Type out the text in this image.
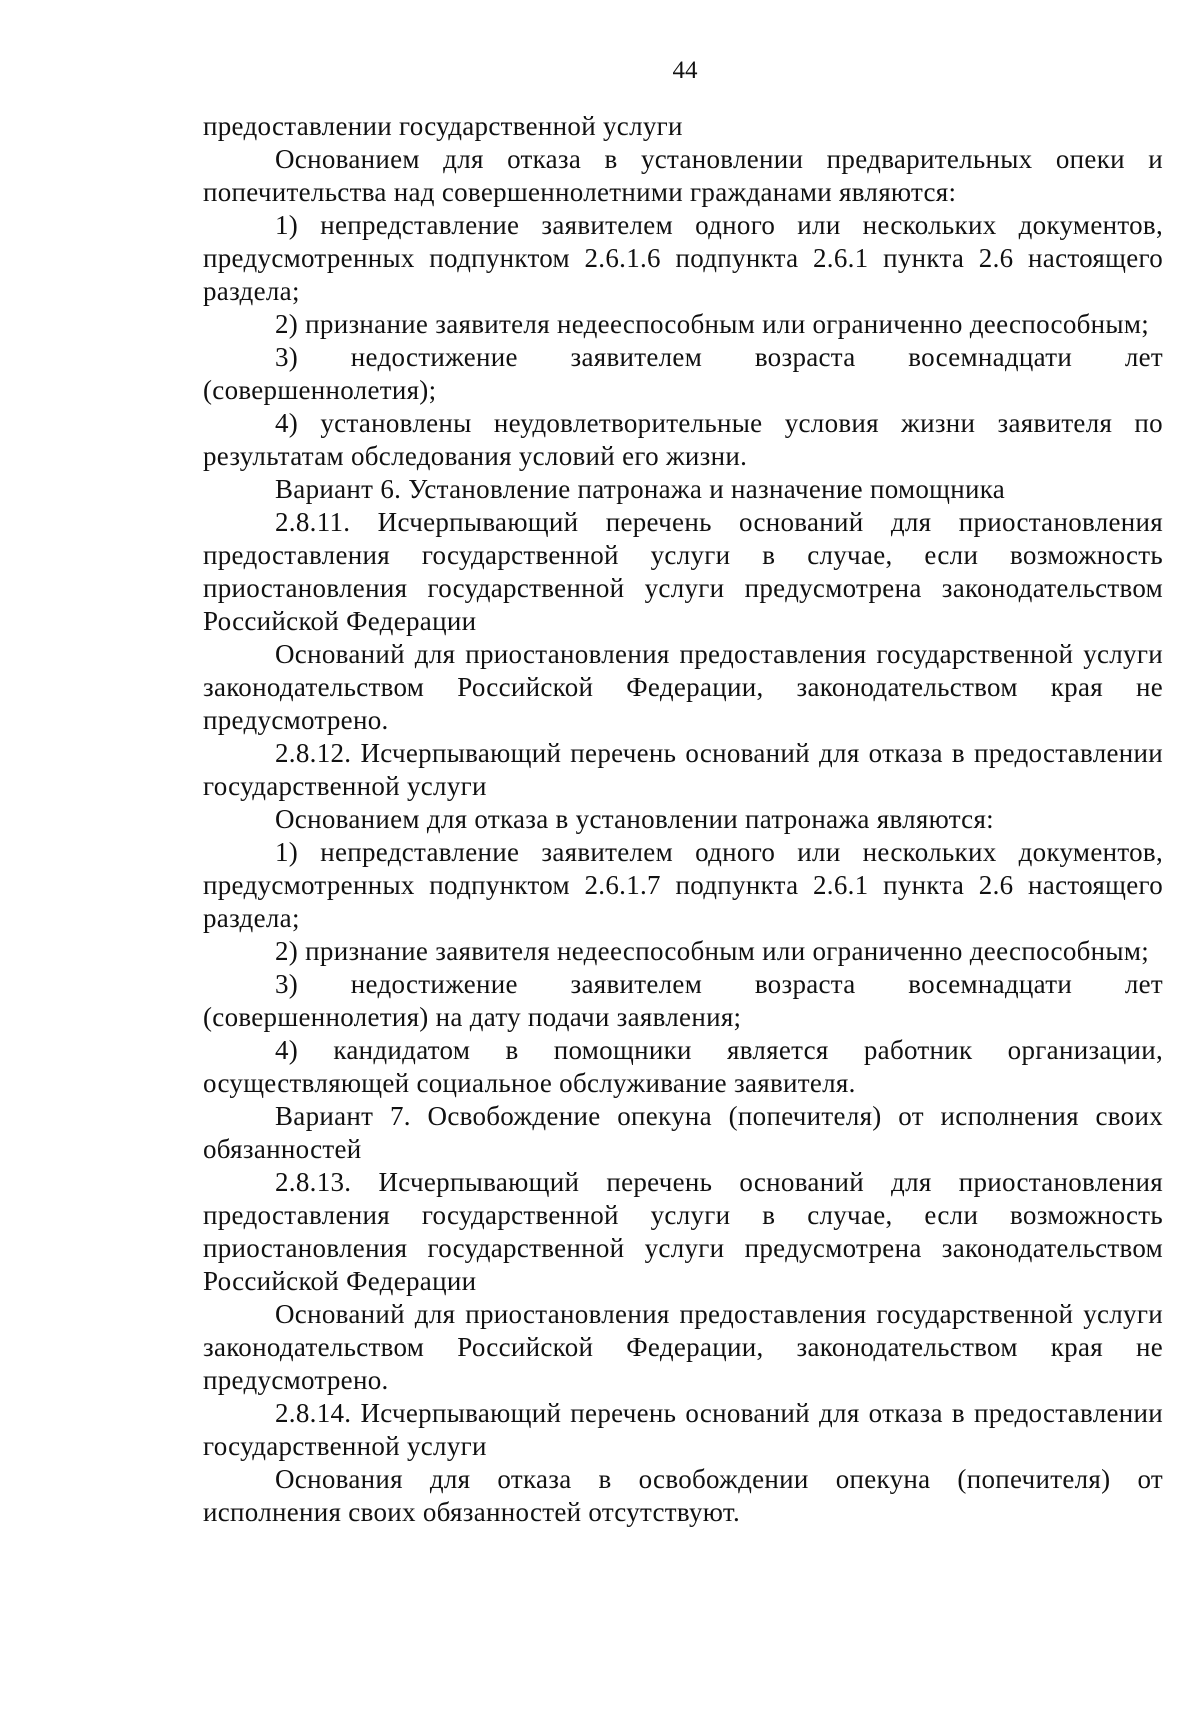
44

предоставлении государственной услуги

Основанием для отказа в установлении предварительных опеки и попечительства над совершеннолетними гражданами являются:

1) непредставление заявителем одного или нескольких документов, предусмотренных подпунктом 2.6.1.6 подпункта 2.6.1 пункта 2.6 настоящего раздела;

2) признание заявителя недееспособным или ограниченно дееспособным;

3) недостижение заявителем возраста восемнадцати лет (совершеннолетия);

4) установлены неудовлетворительные условия жизни заявителя по результатам обследования условий его жизни.

Вариант 6. Установление патронажа и назначение помощника

2.8.11. Исчерпывающий перечень оснований для приостановления предоставления государственной услуги в случае, если возможность приостановления государственной услуги предусмотрена законодательством Российской Федерации

Оснований для приостановления предоставления государственной услуги законодательством Российской Федерации, законодательством края не предусмотрено.

2.8.12. Исчерпывающий перечень оснований для отказа в предоставлении государственной услуги

Основанием для отказа в установлении патронажа являются:

1) непредставление заявителем одного или нескольких документов, предусмотренных подпунктом 2.6.1.7 подпункта 2.6.1 пункта 2.6 настоящего раздела;

2) признание заявителя недееспособным или ограниченно дееспособным;

3) недостижение заявителем возраста восемнадцати лет (совершеннолетия) на дату подачи заявления;

4) кандидатом в помощники является работник организации, осуществляющей социальное обслуживание заявителя.

Вариант 7. Освобождение опекуна (попечителя) от исполнения своих обязанностей

2.8.13. Исчерпывающий перечень оснований для приостановления предоставления государственной услуги в случае, если возможность приостановления государственной услуги предусмотрена законодательством Российской Федерации

Оснований для приостановления предоставления государственной услуги законодательством Российской Федерации, законодательством края не предусмотрено.

2.8.14. Исчерпывающий перечень оснований для отказа в предоставлении государственной услуги

Основания для отказа в освобождении опекуна (попечителя) от исполнения своих обязанностей отсутствуют.
